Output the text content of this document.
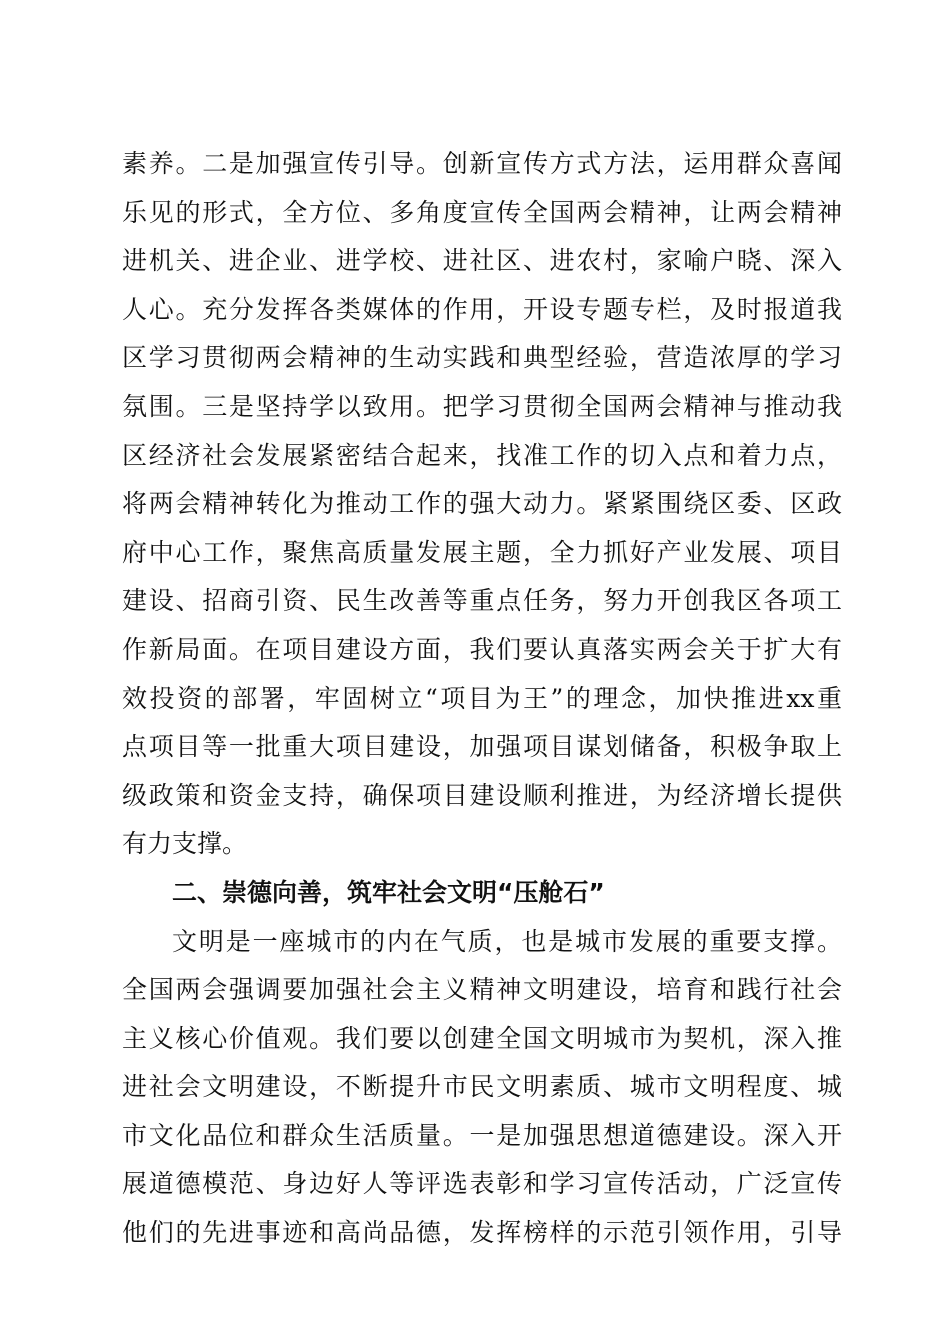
素养。二是加强宣传引导。创新宣传方式方法，运用群众喜闻
乐见的形式，全方位、多角度宣传全国两会精神，让两会精神
进机关、进企业、进学校、进社区、进农村，家喻户晓、深入
人心。充分发挥各类媒体的作用，开设专题专栏，及时报道我
区学习贯彻两会精神的生动实践和典型经验，营造浓厚的学习
氛围。三是坚持学以致用。把学习贯彻全国两会精神与推动我
区经济社会发展紧密结合起来，找准工作的切入点和着力点，
将两会精神转化为推动工作的强大动力。紧紧围绕区委、区政
府中心工作，聚焦高质量发展主题，全力抓好产业发展、项目
建设、招商引资、民生改善等重点任务，努力开创我区各项工
作新局面。在项目建设方面，我们要认真落实两会关于扩大有
效投资的部署，牢固树立“项目为王”的理念，加快推进xx重
点项目等一批重大项目建设，加强项目谋划储备，积极争取上
级政策和资金支持，确保项目建设顺利推进，为经济增长提供
有力支撑。
二、崇德向善，筑牢社会文明“压舱石”
文明是一座城市的内在气质，也是城市发展的重要支撑。
全国两会强调要加强社会主义精神文明建设，培育和践行社会
主义核心价值观。我们要以创建全国文明城市为契机，深入推
进社会文明建设，不断提升市民文明素质、城市文明程度、城
市文化品位和群众生活质量。一是加强思想道德建设。深入开
展道德模范、身边好人等评选表彰和学习宣传活动，广泛宣传
他们的先进事迹和高尚品德，发挥榜样的示范引领作用，引导
